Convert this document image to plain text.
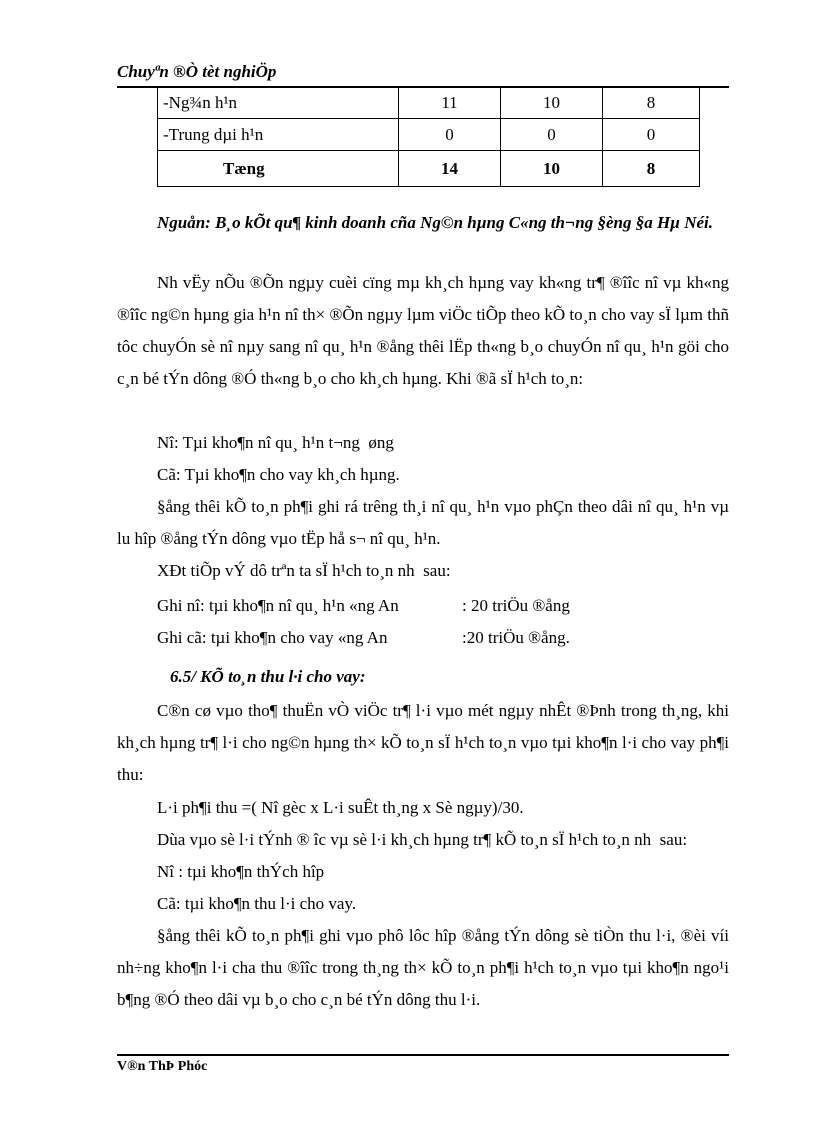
Chuyªn ®Ò tèt nghiÖp
-Ng¾n h¹n	11	10	8
-Trung dµi h¹n	0	0	0
Tæng	14	10	8
Nguån: B¸o kÕt qu¶ kinh doanh cña Ng©n hµng C«ng th¬ng §èng §a Hµ Néi.
Nh vËy nÕu ®Õn ngµy cuèi cïng mµ kh¸ch hµng vay kh«ng tr¶ ®îîc nî vµ kh«ng ®îîc ng©n hµng gia h¹n nî th× ®Õn ngµy lµm viÖc tiÕp theo kÕ to¸n cho vay sÏ lµm thñ tôc chuyÓn sè nî nµy sang nî qu¸ h¹n ®ång thêi lËp th«ng b¸o chuyÓn nî qu¸ h¹n göi cho c¸n bé tÝn dông ®Ó th«ng b¸o cho kh¸ch hµng. Khi ®ã sÏ h¹ch to¸n:
Nî: Tµi kho¶n nî qu¸ h¹n t¬ng  øng
Cã: Tµi kho¶n cho vay kh¸ch hµng.
§ång thêi kÕ to¸n ph¶i ghi rá trêng th¸i nî qu¸ h¹n vµo phÇn theo dâi nî qu¸ h¹n vµ lu hîp ®ång tÝn dông vµo tËp hå s¬ nî qu¸ h¹n.
XÐt tiÕp vÝ dô trªn ta sÏ h¹ch to¸n nh  sau:
Ghi nî: tµi kho¶n nî qu¸ h¹n «ng An	: 20 triÖu ®ång
Ghi cã: tµi kho¶n cho vay «ng An	:20 triÖu ®ång.
6.5/ KÕ to¸n thu l·i cho vay:
C®n cø vµo tho¶ thuËn vÒ viÖc tr¶ l·i vµo mét ngµy nhÊt ®Þnh trong th¸ng, khi kh¸ch hµng tr¶ l·i cho ng©n hµng th× kÕ to¸n sÏ h¹ch to¸n vµo tµi kho¶n l·i cho vay ph¶i thu:
L·i ph¶i thu =( Nî gèc x L·i suÊt th¸ng x Sè ngµy)/30.
Dùa vµo sè l·i tÝnh ® îc vµ sè l·i kh¸ch hµng tr¶ kÕ to¸n sÏ h¹ch to¸n nh  sau:
Nî : tµi kho¶n thÝch hîp
Cã: tµi kho¶n thu l·i cho vay.
§ång thêi kÕ to¸n ph¶i ghi vµo phô lôc hîp ®ång tÝn dông sè tiÒn thu l·i, ®èi víi nh÷ng kho¶n l·i cha thu ®îîc trong th¸ng th× kÕ to¸n ph¶i h¹ch to¸n vµo tµi kho¶n ngo¹i b¶ng ®Ó theo dâi vµ b¸o cho c¸n bé tÝn dông thu l·i.
V®n ThÞ Phóc
